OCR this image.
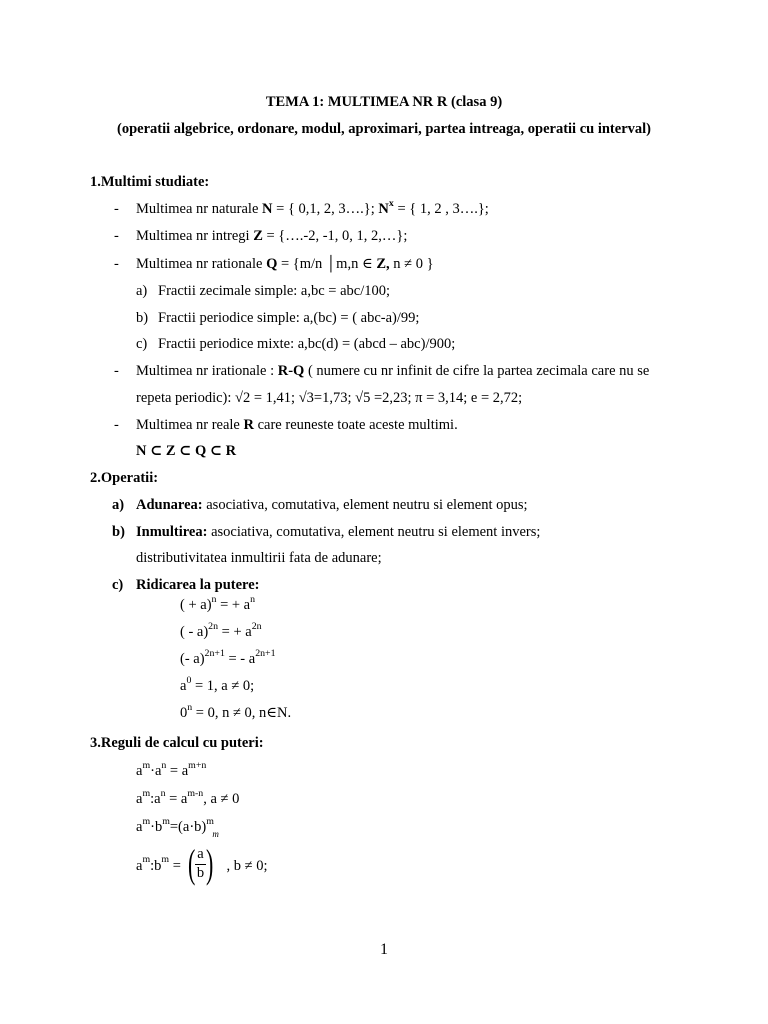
TEMA 1: MULTIMEA NR R (clasa 9)
(operatii algebrice, ordonare, modul, aproximari, partea intreaga, operatii cu interval)
1.Multimi studiate:
- Multimea nr naturale N = { 0,1, 2, 3….}; $N^x$ = { 1, 2 , 3….};
- Multimea nr intregi Z = {….-2, -1, 0, 1, 2,…};
- Multimea nr rationale Q = {m/n │m,n ∈ Z, n ≠ 0 }
a) Fractii zecimale simple: a,bc = abc/100;
b) Fractii periodice simple: a,(bc) = ( abc-a)/99;
c) Fractii periodice mixte: a,bc(d) = (abcd – abc)/900;
- Multimea nr irationale : R-Q ( numere cu nr infinit de cifre la partea zecimala care nu se
repeta periodic): √2 = 1,41; √3=1,73; √5 =2,23; π = 3,14; e = 2,72;
- Multimea nr reale R care reuneste toate aceste multimi.
N ⊂ Z ⊂ Q ⊂ R
2.Operatii:
a) Adunarea: asociativa, comutativa, element neutru si element opus;
b) Inmultirea: asociativa, comutativa, element neutru si element invers;
distributivitatea inmultirii fata de adunare;
c) Ridicarea la putere:
( + a)$^n$ = + $a^n$
( - a)$^{2n}$ = + $a^{2n}$
(- a)$^{2n+1}$ = - $a^{2n+1}$
$a^0 = 1$, a ≠ 0;
$0^n = 0$, n ≠ 0, n∈N.
3.Reguli de calcul cu puteri:
$a^m\cdot a^n = a^{m+n}$
$a^m:a^n = a^{m-n}$, a ≠ 0
$a^m\cdot b^m=(a\cdot b)^m$
$a^m:b^m$ = ( $\frac{a}{b} )^m$ , b ≠ 0;
1
